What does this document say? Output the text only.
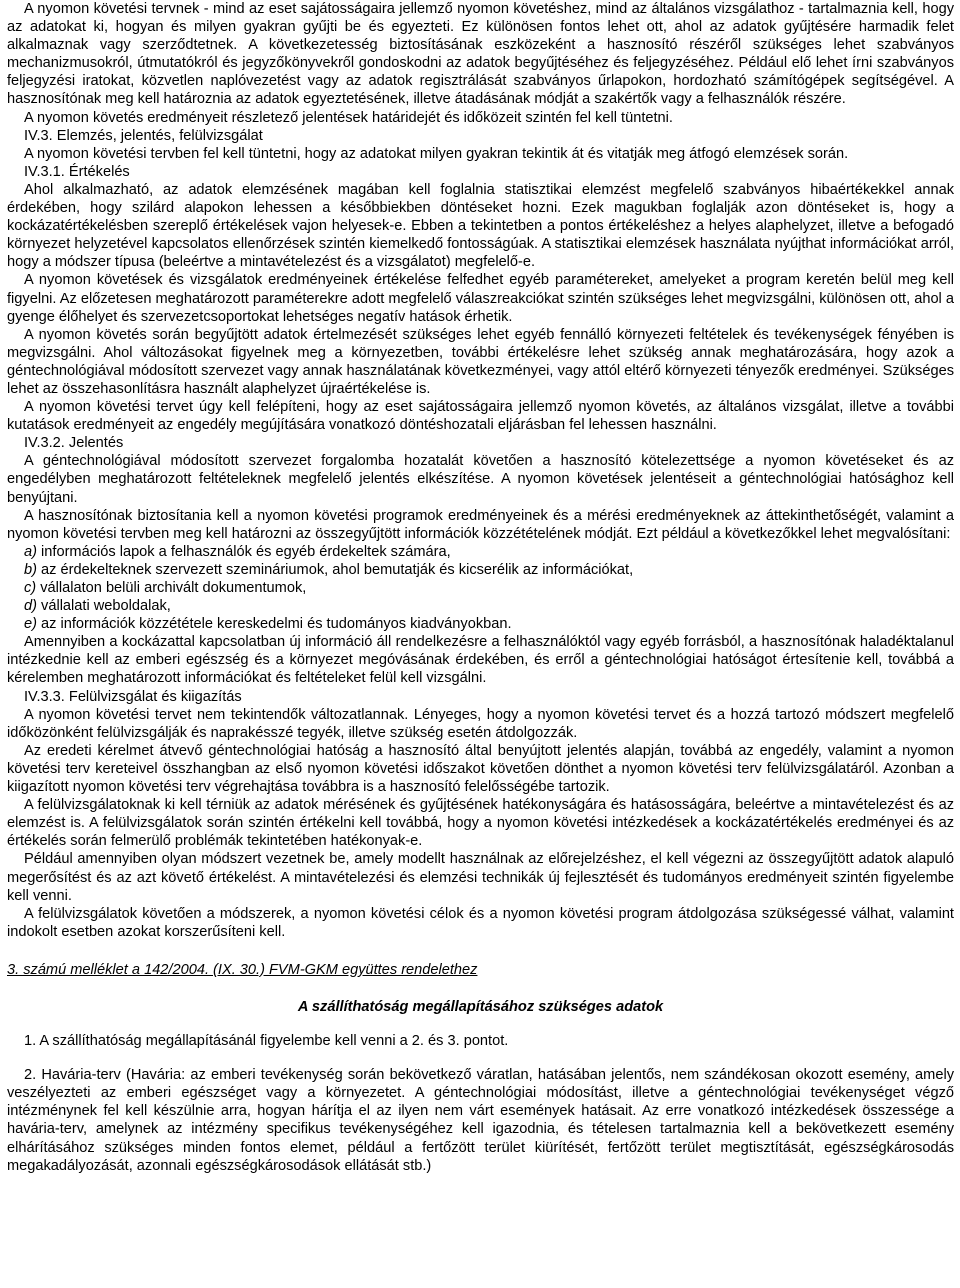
A nyomon követési tervnek - mind az eset sajátosságaira jellemző nyomon követéshez, mind az általános vizsgálathoz - tartalmaznia kell, hogy az adatokat ki, hogyan és milyen gyakran gyűjti be és egyezteti. Ez különösen fontos lehet ott, ahol az adatok gyűjtésére harmadik felet alkalmaznak vagy szerződtetnek. A következetesség biztosításának eszközeként a hasznosító részéről szükséges lehet szabványos mechanizmusokról, útmutatókról és jegyzőkönyvekről gondoskodni az adatok begyűjtéséhez és feljegyzéséhez. Például elő lehet írni szabványos feljegyzési iratokat, közvetlen naplóvezetést vagy az adatok regisztrálását szabványos űrlapokon, hordozható számítógépek segítségével. A hasznosítónak meg kell határoznia az adatok egyeztetésének, illetve átadásának módját a szakértők vagy a felhasználók részére.

A nyomon követés eredményeit részletező jelentések határidejét és időközeit szintén fel kell tüntetni.

IV.3. Elemzés, jelentés, felülvizsgálat

A nyomon követési tervben fel kell tüntetni, hogy az adatokat milyen gyakran tekintik át és vitatják meg átfogó elemzések során.

IV.3.1. Értékelés

Ahol alkalmazható, az adatok elemzésének magában kell foglalnia statisztikai elemzést megfelelő szabványos hibaértékekkel annak érdekében, hogy szilárd alapokon lehessen a későbbiekben döntéseket hozni. Ezek magukban foglalják azon döntéseket is, hogy a kockázatértékelésben szereplő értékelések vajon helyesek-e. Ebben a tekintetben a pontos értékeléshez a helyes alaphelyzet, illetve a befogadó környezet helyzetével kapcsolatos ellenőrzések szintén kiemelkedő fontosságúak. A statisztikai elemzések használata nyújthat információkat arról, hogy a módszer típusa (beleértve a mintavételezést és a vizsgálatot) megfelelő-e.

A nyomon követések és vizsgálatok eredményeinek értékelése felfedhet egyéb paramétereket, amelyeket a program keretén belül meg kell figyelni. Az előzetesen meghatározott paraméterekre adott megfelelő válaszreakciókat szintén szükséges lehet megvizsgálni, különösen ott, ahol a gyenge élőhelyet és szervezetcsoportokat lehetséges negatív hatások érhetik.

A nyomon követés során begyűjtött adatok értelmezését szükséges lehet egyéb fennálló környezeti feltételek és tevékenységek fényében is megvizsgálni. Ahol változásokat figyelnek meg a környezetben, további értékelésre lehet szükség annak meghatározására, hogy azok a géntechnológiával módosított szervezet vagy annak használatának következményei, vagy attól eltérő környezeti tényezők eredményei. Szükséges lehet az összehasonlításra használt alaphelyzet újraértékelése is.

A nyomon követési tervet úgy kell felépíteni, hogy az eset sajátosságaira jellemző nyomon követés, az általános vizsgálat, illetve a további kutatások eredményeit az engedély megújítására vonatkozó döntéshozatali eljárásban fel lehessen használni.

IV.3.2. Jelentés

A géntechnológiával módosított szervezet forgalomba hozatalát követően a hasznosító kötelezettsége a nyomon követéseket és az engedélyben meghatározott feltételeknek megfelelő jelentés elkészítése. A nyomon követések jelentéseit a géntechnológiai hatósághoz kell benyújtani.

A hasznosítónak biztosítania kell a nyomon követési programok eredményeinek és a mérési eredményeknek az áttekinthetőségét, valamint a nyomon követési tervben meg kell határozni az összegyűjtött információk közzétételének módját. Ezt például a következőkkel lehet megvalósítani:

a) információs lapok a felhasználók és egyéb érdekeltek számára,

b) az érdekelteknek szervezett szemináriumok, ahol bemutatják és kicserélik az információkat,

c) vállalaton belüli archivált dokumentumok,

d) vállalati weboldalak,

e) az információk közzététele kereskedelmi és tudományos kiadványokban.

Amennyiben a kockázattal kapcsolatban új információ áll rendelkezésre a felhasználóktól vagy egyéb forrásból, a hasznosítónak haladéktalanul intézkednie kell az emberi egészség és a környezet megóvásának érdekében, és erről a géntechnológiai hatóságot értesítenie kell, továbbá a kérelemben meghatározott információkat és feltételeket felül kell vizsgálni.

IV.3.3. Felülvizsgálat és kiigazítás

A nyomon követési tervet nem tekintendők változatlannak. Lényeges, hogy a nyomon követési tervet és a hozzá tartozó módszert megfelelő időközönként felülvizsgálják és naprakésszé tegyék, illetve szükség esetén átdolgozzák.

Az eredeti kérelmet átvevő géntechnológiai hatóság a hasznosító által benyújtott jelentés alapján, továbbá az engedély, valamint a nyomon követési terv kereteivel összhangban az első nyomon követési időszakot követően dönthet a nyomon követési terv felülvizsgálatáról. Azonban a kiigazított nyomon követési terv végrehajtása továbbra is a hasznosító felelősségébe tartozik.

A felülvizsgálatoknak ki kell térniük az adatok mérésének és gyűjtésének hatékonyságára és hatásosságára, beleértve a mintavételezést és az elemzést is. A felülvizsgálatok során szintén értékelni kell továbbá, hogy a nyomon követési intézkedések a kockázatértékelés eredményei és az értékelés során felmerülő problémák tekintetében hatékonyak-e.

Például amennyiben olyan módszert vezetnek be, amely modellt használnak az előrejelzéshez, el kell végezni az összegyűjtött adatok alapuló megerősítést és az azt követő értékelést. A mintavételezési és elemzési technikák új fejlesztését és tudományos eredményeit szintén figyelembe kell venni.

A felülvizsgálatok követően a módszerek, a nyomon követési célok és a nyomon követési program átdolgozása szükségessé válhat, valamint indokolt esetben azokat korszerűsíteni kell.

3. számú melléklet a 142/2004. (IX. 30.) FVM-GKM együttes rendelethez

A szállíthatóság megállapításához szükséges adatok

1. A szállíthatóság megállapításánál figyelembe kell venni a 2. és 3. pontot.

2. Havária-terv (Havária: az emberi tevékenység során bekövetkező váratlan, hatásában jelentős, nem szándékosan okozott esemény, amely veszélyezteti az emberi egészséget vagy a környezetet. A géntechnológiai módosítást, illetve a géntechnológiai tevékenységet végző intézménynek fel kell készülnie arra, hogyan hárítja el az ilyen nem várt események hatásait. Az erre vonatkozó intézkedések összessége a havária-terv, amelynek az intézmény specifikus tevékenységéhez kell igazodnia, és tételesen tartalmaznia kell a bekövetkezett esemény elhárításához szükséges minden fontos elemet, például a fertőzött terület kiürítését, fertőzött terület megtisztítását, egészségkárosodás megakadályozását, azonnali egészségkárosodások ellátását stb.)
